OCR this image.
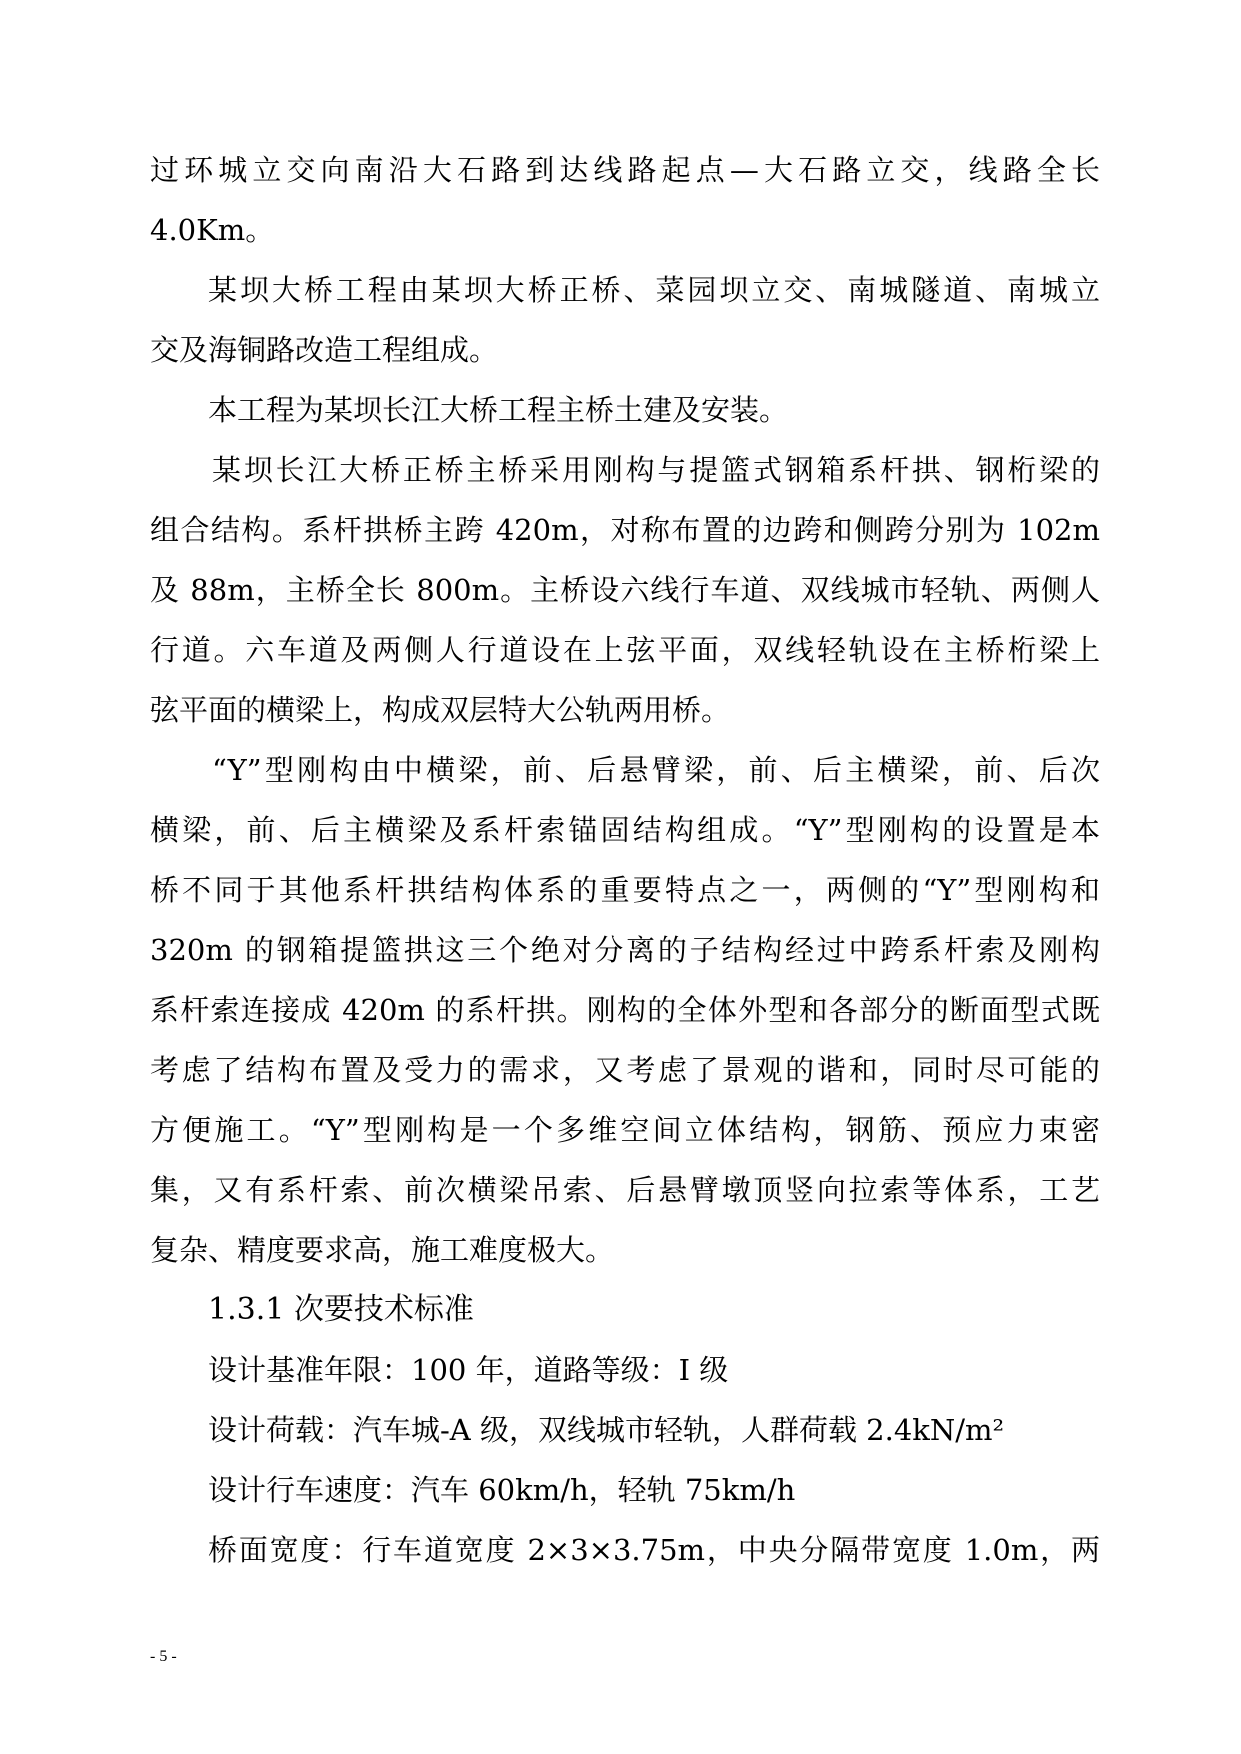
过环城立交向南沿大石路到达线路起点—大石路立交，线路全长
4.0Km。
某坝大桥工程由某坝大桥正桥、菜园坝立交、南城隧道、南城立
交及海铜路改造工程组成。
本工程为某坝长江大桥工程主桥土建及安装。
某坝长江大桥正桥主桥采用刚构与提篮式钢箱系杆拱、钢桁梁的
组合结构。系杆拱桥主跨 420m，对称布置的边跨和侧跨分别为 102m
及 88m，主桥全长 800m。主桥设六线行车道、双线城市轻轨、两侧人
行道。六车道及两侧人行道设在上弦平面，双线轻轨设在主桥桁梁上
弦平面的横梁上，构成双层特大公轨两用桥。
“Y”型刚构由中横梁，前、后悬臂梁，前、后主横梁，前、后次
横梁，前、后主横梁及系杆索锚固结构组成。“Y”型刚构的设置是本
桥不同于其他系杆拱结构体系的重要特点之一，两侧的“Y”型刚构和
320m 的钢箱提篮拱这三个绝对分离的子结构经过中跨系杆索及刚构
系杆索连接成 420m 的系杆拱。刚构的全体外型和各部分的断面型式既
考虑了结构布置及受力的需求，又考虑了景观的谐和，同时尽可能的
方便施工。“Y”型刚构是一个多维空间立体结构，钢筋、预应力束密
集，又有系杆索、前次横梁吊索、后悬臂墩顶竖向拉索等体系，工艺
复杂、精度要求高，施工难度极大。
1.3.1 次要技术标准
设计基准年限：100 年，道路等级：I 级
设计荷载：汽车城-A 级，双线城市轻轨，人群荷载 2.4kN/m²
设计行车速度：汽车 60km/h，轻轨 75km/h
桥面宽度：行车道宽度 2×3×3.75m，中央分隔带宽度 1.0m，两
- 5 -
